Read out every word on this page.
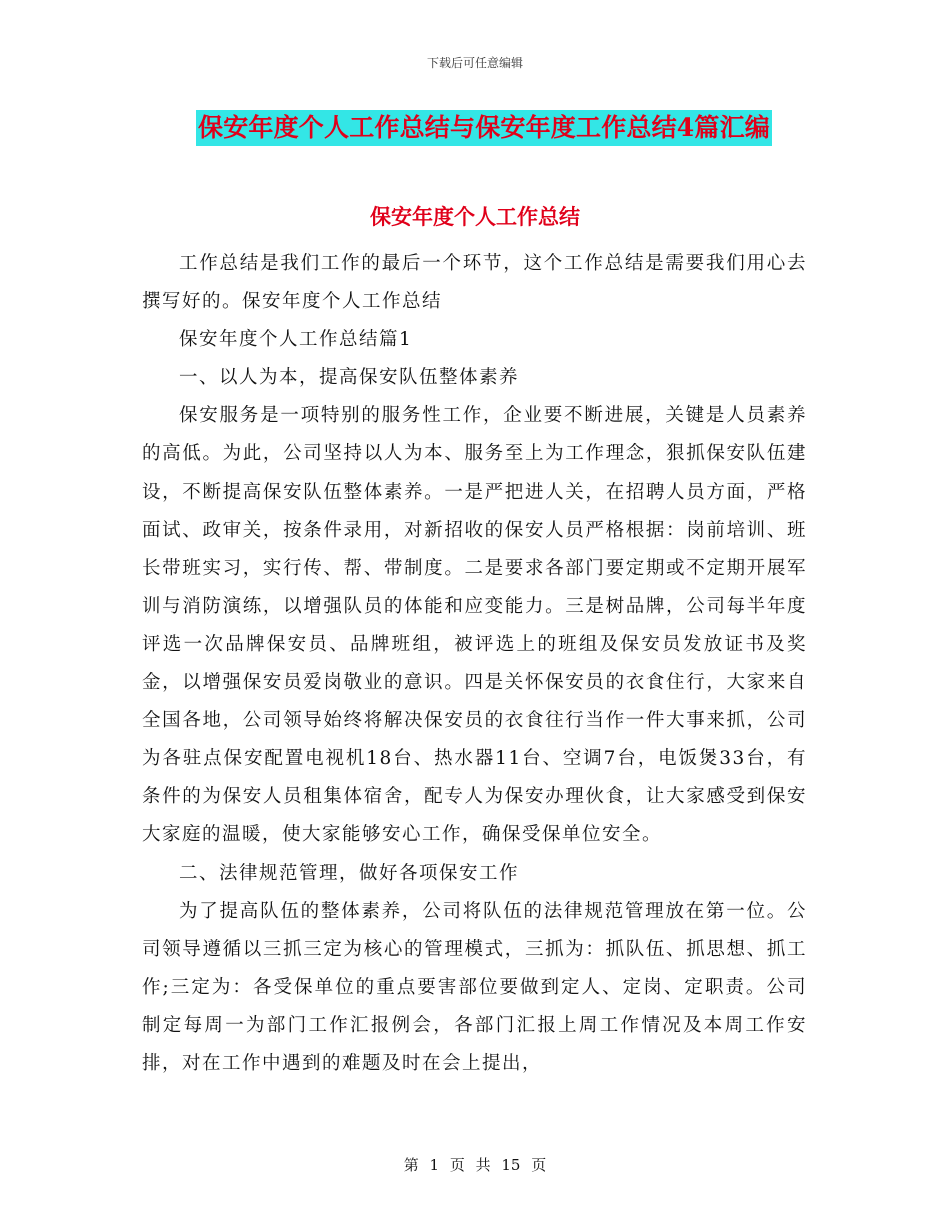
下载后可任意编辑
保安年度个人工作总结与保安年度工作总结4篇汇编
保安年度个人工作总结

工作总结是我们工作的最后一个环节，这个工作总结是需要我们用心去撰写好的。保安年度个人工作总结

保安年度个人工作总结篇1

一、以人为本，提高保安队伍整体素养

保安服务是一项特别的服务性工作，企业要不断进展，关键是人员素养的高低。为此，公司坚持以人为本、服务至上为工作理念，狠抓保安队伍建设，不断提高保安队伍整体素养。一是严把进人关，在招聘人员方面，严格面试、政审关，按条件录用，对新招收的保安人员严格根据：岗前培训、班长带班实习，实行传、帮、带制度。二是要求各部门要定期或不定期开展军训与消防演练，以增强队员的体能和应变能力。三是树品牌，公司每半年度评选一次品牌保安员、品牌班组，被评选上的班组及保安员发放证书及奖金，以增强保安员爱岗敬业的意识。四是关怀保安员的衣食住行，大家来自全国各地，公司领导始终将解决保安员的衣食往行当作一件大事来抓，公司为各驻点保安配置电视机18台、热水器11台、空调7台，电饭煲33台，有条件的为保安人员租集体宿舍，配专人为保安办理伙食，让大家感受到保安大家庭的温暖，使大家能够安心工作，确保受保单位安全。

二、法律规范管理，做好各项保安工作

为了提高队伍的整体素养，公司将队伍的法律规范管理放在第一位。公司领导遵循以三抓三定为核心的管理模式，三抓为：抓队伍、抓思想、抓工作;三定为：各受保单位的重点要害部位要做到定人、定岗、定职责。公司制定每周一为部门工作汇报例会，各部门汇报上周工作情况及本周工作安排，对在工作中遇到的难题及时在会上提出，

第 1 页 共 15 页
